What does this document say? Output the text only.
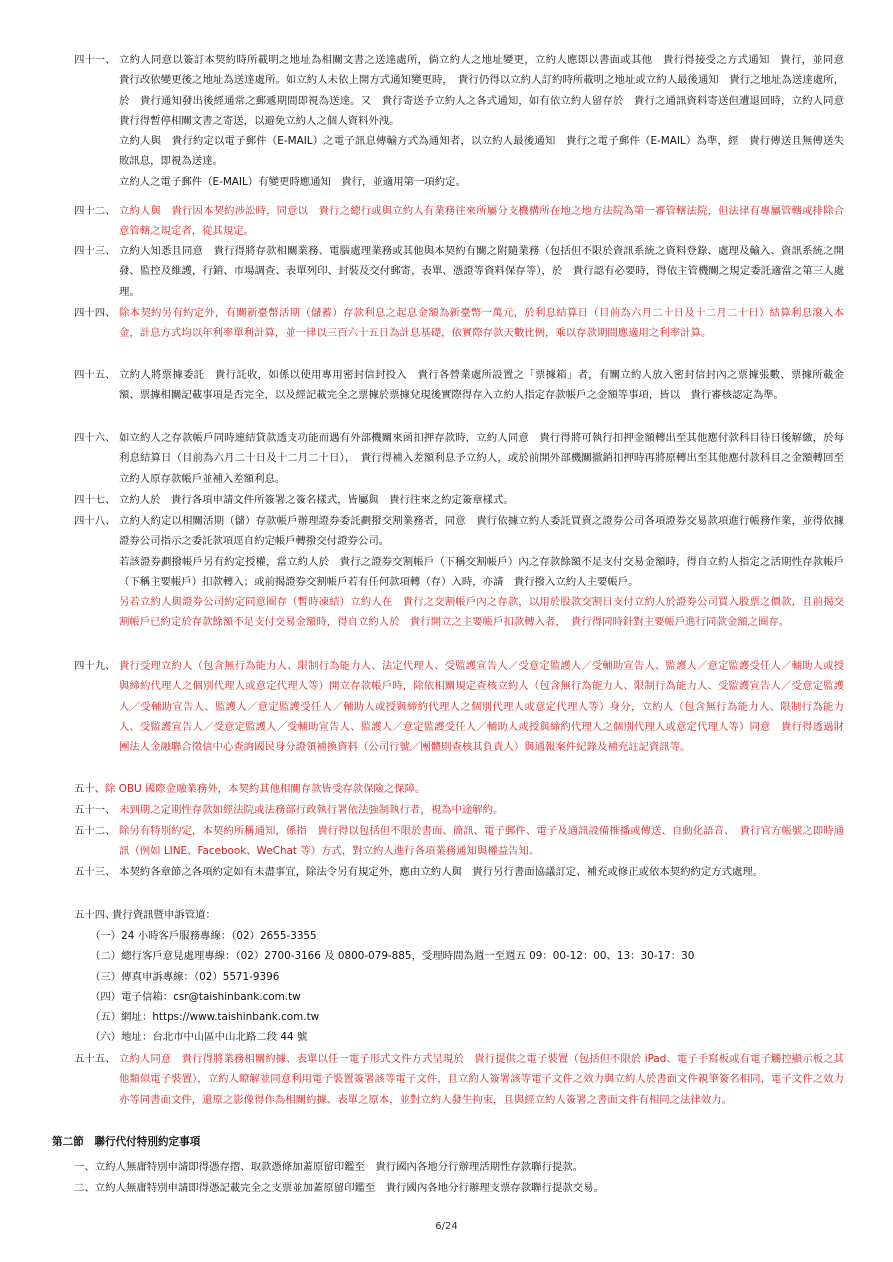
四十一、 立約人同意以簽訂本契約時所載明之地址為相關文書之送達處所，倘立約人之地址變更，立約人應即以書面或其他　貴行得接受之方式通知　貴行，並同意　貴行改依變更後之地址為送達處所。如立約人未依上開方式通知變更時，　貴行仍得以立約人訂約時所載明之地址或立約人最後通知　貴行之地址為送達處所，於　貴行通知發出後經通常之郵遞期間即視為送達。又　貴行寄送予立約人之各式通知，如有依立約人留存於　貴行之通訊資料寄送但遭退回時，立約人同意　貴行得暫停相關文書之寄送，以避免立約人之個人資料外洩。

立約人與　貴行約定以電子郵件（E-MAIL）之電子訊息傳輸方式為通知者，以立約人最後通知　貴行之電子郵件（E-MAIL）為準，經　貴行傳送且無傳送失敗訊息，即視為送達。

立約人之電子郵件（E-MAIL）有變更時應通知　貴行，並適用第一項約定。

四十二、 立約人與　貴行因本契約涉訟時，同意以　貴行之總行或與立約人有業務往來所屬分支機構所在地之地方法院為第一審管轄法院，但法律有專屬管轄或排除合意管轄之規定者，從其規定。

四十三、 立約人知悉且同意　貴行得將存款相關業務、電腦處理業務或其他與本契約有關之附隨業務（包括但不限於資訊系統之資料登錄、處理及輸入、資訊系統之開發、監控及維護，行銷、市場調查、表單列印、封裝及交付郵寄，表單、憑證等資料保存等），於　貴行認有必要時，得依主管機關之規定委託適當之第三人處理。

四十四、 除本契約另有約定外，有關新臺幣活期（儲蓄）存款利息之起息金額為新臺幣一萬元，於利息結算日（目前為六月二十日及十二月二十日）結算利息滾入本金，計息方式均以年利率單利計算，並一律以三百六十五日為計息基礎，依實際存款天數比例，乘以存款期間應適用之利率計算。

四十五、 立約人將票據委託　貴行託收，如係以使用專用密封信封投入　貴行各營業處所設置之「票據箱」者，有關立約人放入密封信封內之票據張數、票據所載金額、票據相關記載事項是否完全，以及經記載完全之票據於票據兌現後實際得存入立約人指定存款帳戶之金額等事項，皆以　貴行審核認定為準。

四十六、 如立約人之存款帳戶同時連結貸款透支功能而遇有外部機關來函扣押存款時，立約人同意　貴行得將可執行扣押金額轉出至其他應付款科目待日後解繳，於每利息結算日（目前為六月二十日及十二月二十日），　貴行得補入差額利息予立約人，或於前開外部機關撤銷扣押時再將原轉出至其他應付款科目之金額轉回至立約人原存款帳戶並補入差額利息。

四十七、 立約人於　貴行各項申請文件所簽署之簽名樣式，皆屬與　貴行往來之約定簽章樣式。

四十八、 立約人約定以相關活期（儲）存款帳戶辦理證券委託劃撥交割業務者，同意　貴行依據立約人委託買賣之證券公司各項證券交易款項進行帳務作業，並得依據證券公司指示之委託款項逕自約定帳戶轉撥交付證券公司。

若該證券劃撥帳戶另有約定授權，當立約人於　貴行之證券交割帳戶（下稱交割帳戶）內之存款餘額不足支付交易金額時，得自立約人指定之活期性存款帳戶（下稱主要帳戶）扣款轉入；或前揭證券交割帳戶若有任何款項轉（存）入時，亦請　貴行撥入立約人主要帳戶。

另若立約人與證券公司約定同意圈存（暫時凍結）立約人在　貴行之交割帳戶內之存款，以用於股款交割日支付立約人於證券公司買入股票之價款，且前揭交割帳戶已約定於存款餘額不足支付交易金額時，得自立約人於　貴行開立之主要帳戶扣款轉入者，　貴行得同時針對主要帳戶進行同款金額之圈存。

四十九、 貴行受理立約人（包含無行為能力人、限制行為能力人、法定代理人、受監護宣告人／受意定監護人／受輔助宣告人、監護人／意定監護受任人／輔助人或授與締約代理人之個別代理人或意定代理人等）開立存款帳戶時，除依相關規定查核立約人（包含無行為能力人、限制行為能力人、受監護宣告人／受意定監護人／受輔助宣告人、監護人／意定監護受任人／輔助人或授與締約代理人之個別代理人或意定代理人等）身分，立約人（包含無行為能力人、限制行為能力人、受監護宣告人／受意定監護人／受輔助宣告人、監護人／意定監護受任人／輔助人或授與締約代理人之個別代理人或意定代理人等）同意　貴行得透過財團法人金融聯合徵信中心查詢國民身分證領補換資料（公司行號／團體則查核其負責人）與通報案件紀錄及補充註記資訊等。

五十、 除 OBU 國際金融業務外，本契約其他相關存款皆受存款保險之保障。

五十一、 未到期之定期性存款如經法院或法務部行政執行署依法強制執行者，視為中途解約。

五十二、 除另有特別約定，本契約所稱通知，係指　貴行得以包括但不限於書面、簡訊、電子郵件、電子及通訊設備推播或傳送、自動化語音、　貴行官方帳號之即時通訊（例如 LINE、Facebook、WeChat 等）方式，對立約人進行各項業務通知與權益告知。

五十三、 本契約各章節之各項約定如有未盡事宜，除法令另有規定外，應由立約人與　貴行另行書面協議訂定、補充或修正或依本契約約定方式處理。

五十四、

貴行資訊暨申訴管道：

（一）24 小時客戶服務專線：（02）2655-3355

（二）總行客戶意見處理專線：（02）2700-3166 及 0800-079-885，受理時間為週一至週五 09：00-12：00、13：30-17：30

（三）傳真申訴專線：（02）5571-9396

（四）電子信箱：csr@taishinbank.com.tw

（五）網址：https://www.taishinbank.com.tw

（六）地址：台北市中山區中山北路二段 44 號

五十五、 立約人同意　貴行得將業務相關約據、表單以任一電子形式文件方式呈現於　貴行提供之電子裝置（包括但不限於 iPad、電子手寫板或有電子觸控顯示板之其他類似電子裝置），立約人瞭解並同意利用電子裝置簽署該等電子文件，且立約人簽署該等電子文件之效力與立約人於書面文件親筆簽名相同，電子文件之效力亦等同書面文件，還原之影像得作為相關約據、表單之原本，並對立約人發生拘束，且與經立約人簽署之書面文件有相同之法律效力。

第二節　聯行代付特別約定事項
一、立約人無庸特別申請即得憑存摺、取款憑條加蓋原留印鑑至　貴行國內各地分行辦理活期性存款聯行提款。
二、立約人無庸特別申請即得憑記載完全之支票並加蓋原留印鑑至　貴行國內各地分行辦理支票存款聯行提款交易。
6/24
